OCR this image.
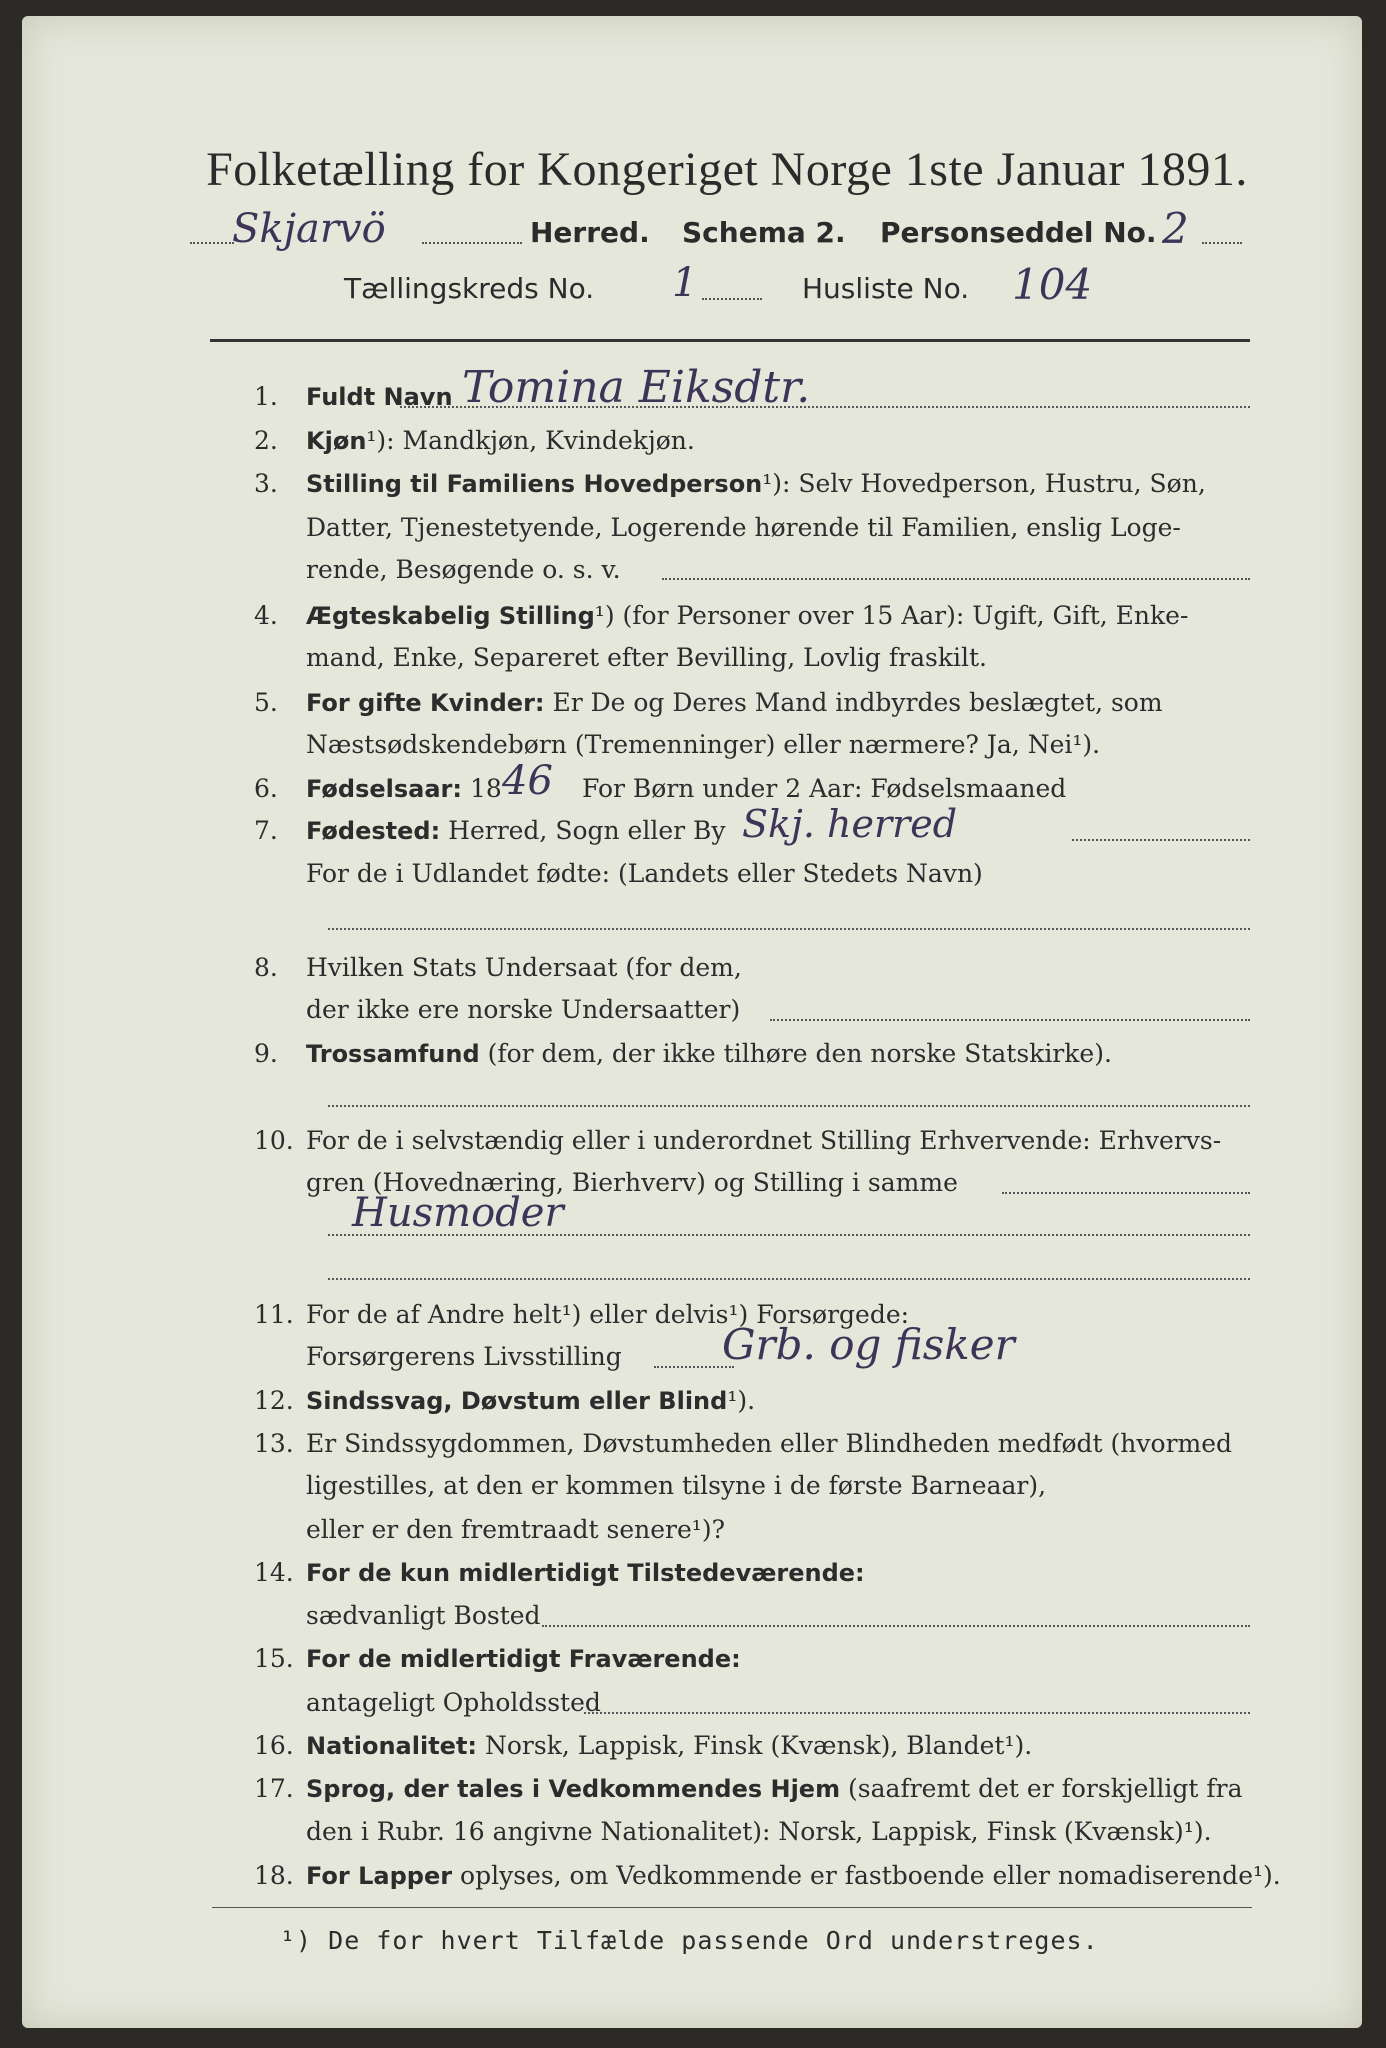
Folketælling for Kongeriget Norge 1ste Januar 1891.
Skjarvö	Herred. Schema 2. Personseddel No. 2
Tællingskreds No. 1	Husliste No. 104
1. Fuldt Navn Tomina Eiksdtr.
2. Kjøn¹): Mandkjøn, Kvindekjøn.
3. Stilling til Familiens Hovedperson¹): Selv Hovedperson, Hustru, Søn,
Datter, Tjenestetyende, Logerende hørende til Familien, enslig Loge-
rende, Besøgende o. s. v.
4. Ægteskabelig Stilling¹) (for Personer over 15 Aar): Ugift, Gift, Enke-
mand, Enke, Separeret efter Bevilling, Lovlig fraskilt.
5. For gifte Kvinder: Er De og Deres Mand indbyrdes beslægtet, som
Næstsødskendebørn (Tremenninger) eller nærmere? Ja, Nei¹).
6. Fødselsaar: 18 46 For Børn under 2 Aar: Fødselsmaaned
7. Fødested: Herred, Sogn eller By Skj. herred
For de i Udlandet fødte: (Landets eller Stedets Navn)
8. Hvilken Stats Undersaat (for dem,
der ikke ere norske Undersaatter)
9. Trossamfund (for dem, der ikke tilhøre den norske Statskirke).
10. For de i selvstændig eller i underordnet Stilling Erhvervende: Erhvervs-
gren (Hovednæring, Bierhverv) og Stilling i samme
Husmoder
11. For de af Andre helt¹) eller delvis¹) Forsørgede:
Forsørgerens Livsstilling Grb. og fisker
12. Sindssvag, Døvstum eller Blind¹).
13. Er Sindssygdommen, Døvstumheden eller Blindheden medfødt (hvormed
ligestilles, at den er kommen tilsyne i de første Barneaar),
eller er den fremtraadt senere¹)?
14. For de kun midlertidigt Tilstedeværende:
sædvanligt Bosted
15. For de midlertidigt Fraværende:
antageligt Opholdssted
16. Nationalitet: Norsk, Lappisk, Finsk (Kvænsk), Blandet¹).
17. Sprog, der tales i Vedkommendes Hjem (saafremt det er forskjelligt fra
den i Rubr. 16 angivne Nationalitet): Norsk, Lappisk, Finsk (Kvænsk)¹).
18. For Lapper oplyses, om Vedkommende er fastboende eller nomadiserende¹).
¹) De for hvert Tilfælde passende Ord understreges.
